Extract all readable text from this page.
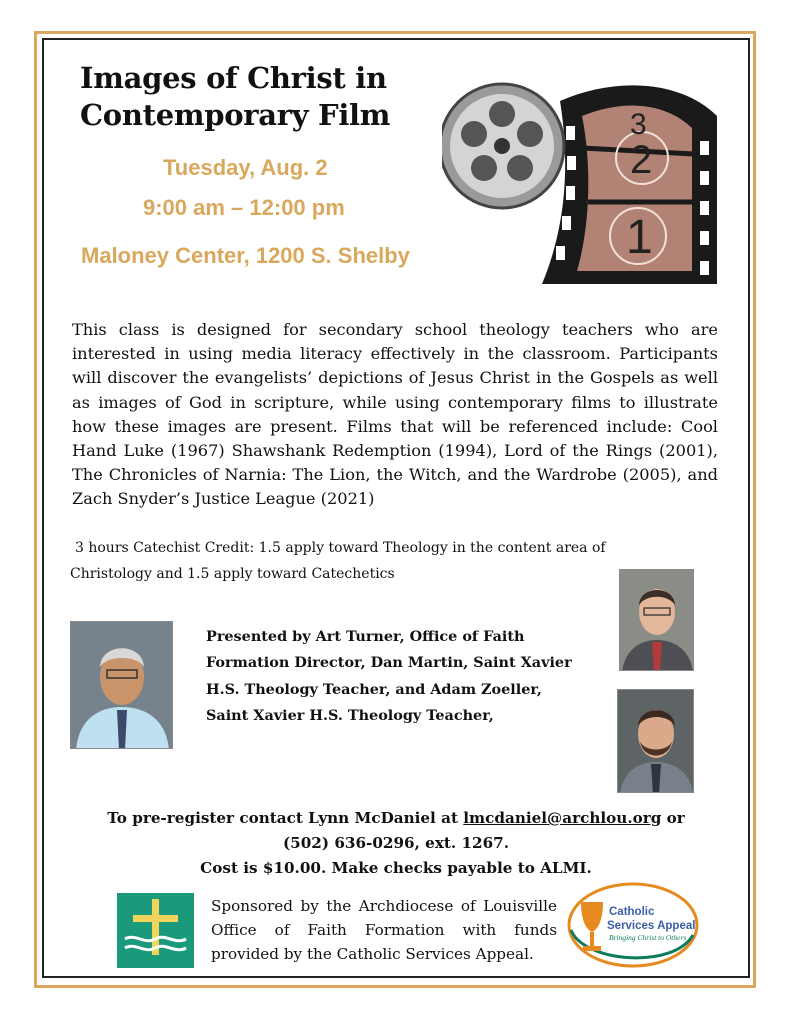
Images of Christ in
Contemporary Film
Tuesday, Aug. 2
9:00 am – 12:00 pm
Maloney Center, 1200 S. Shelby
3
2
1
This class is designed for secondary school theology teachers who are interested in using media literacy effectively in the classroom. Participants will discover the evangelists’ depictions of Jesus Christ in the Gospels as well as images of God in scripture, while using contemporary films to illustrate how these images are present. Films that will be referenced include: Cool Hand Luke (1967) Shawshank Redemption (1994), Lord of the Rings (2001), The Chronicles of Narnia: The Lion, the Witch, and the Wardrobe (2005), and Zach Snyder’s Justice League (2021)
3 hours Catechist Credit: 1.5 apply toward Theology in the content area of
Christology and 1.5 apply toward Catechetics
Presented by Art Turner, Office of Faith
Formation Director, Dan Martin, Saint Xavier
H.S. Theology Teacher, and Adam Zoeller,
Saint Xavier H.S. Theology Teacher,
To pre-register contact Lynn McDaniel at lmcdaniel@archlou.org or
(502) 636-0296, ext. 1267.
Cost is $10.00. Make checks payable to ALMI.
Sponsored by the Archdiocese of Louisville Office of Faith Formation with funds provided by the Catholic Services Appeal.
Catholic
Services Appeal
Bringing Christ to Others
